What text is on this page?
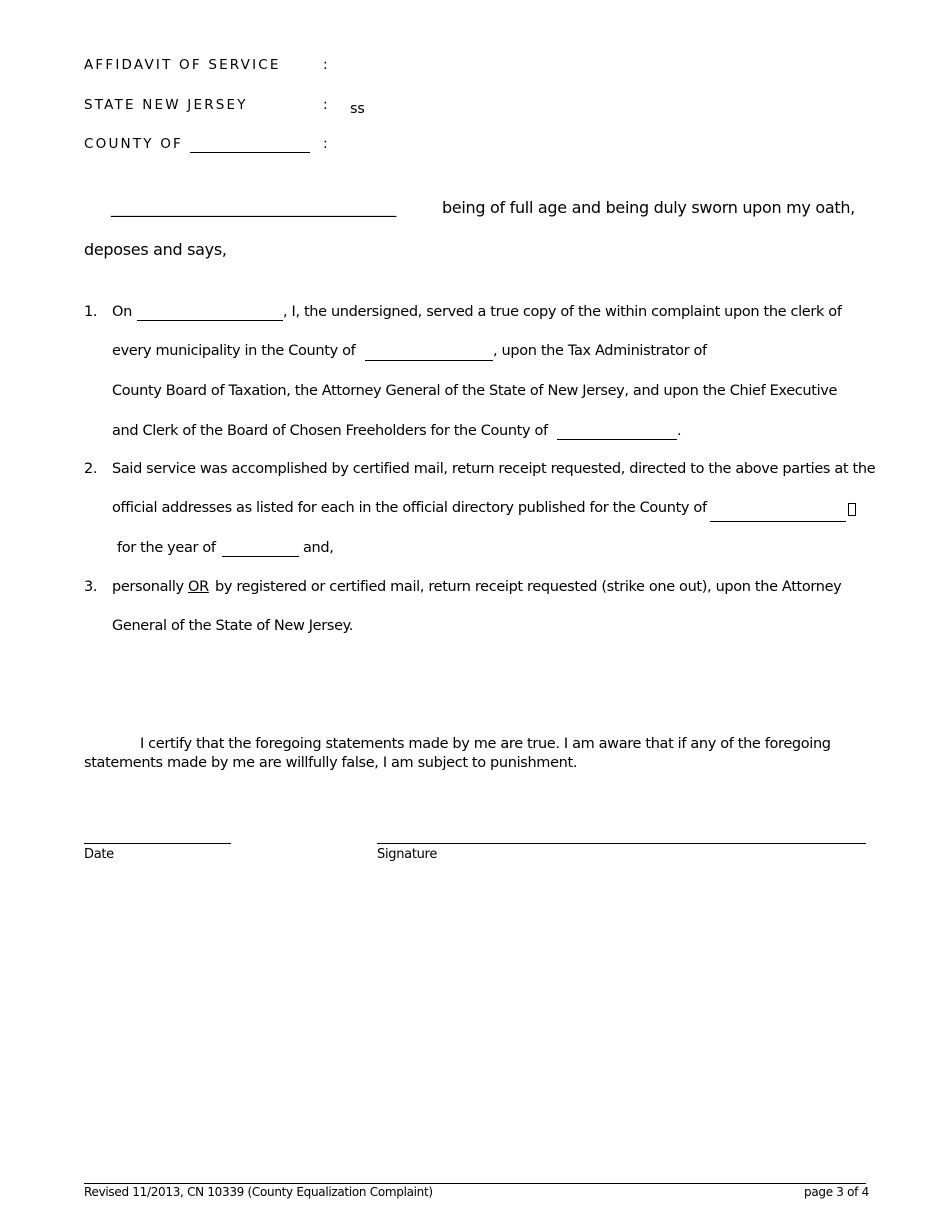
AFFIDAVIT OF SERVICE	:
STATE NEW JERSEY	: ss
COUNTY OF	:
_____________________________________	being of full age and being duly sworn upon my oath,
deposes and says,
1. On	, I, the undersigned, served a true copy of the within complaint upon the clerk of
every municipality in the County of	, upon the Tax Administrator of
County Board of Taxation, the Attorney General of the State of New Jersey, and upon the Chief Executive
and Clerk of the Board of Chosen Freeholders for the County of	.
2. Said service was accomplished by certified mail, return receipt requested, directed to the above parties at the
official addresses as listed for each in the official directory published for the County of
for the year of	and,
3. personally OR by registered or certified mail, return receipt requested (strike one out), upon the Attorney
General of the State of New Jersey.
I certify that the foregoing statements made by me are true. I am aware that if any of the foregoing
statements made by me are willfully false, I am subject to punishment.
Date	Signature
Revised 11/2013, CN 10339 (County Equalization Complaint)	page 3 of 4
